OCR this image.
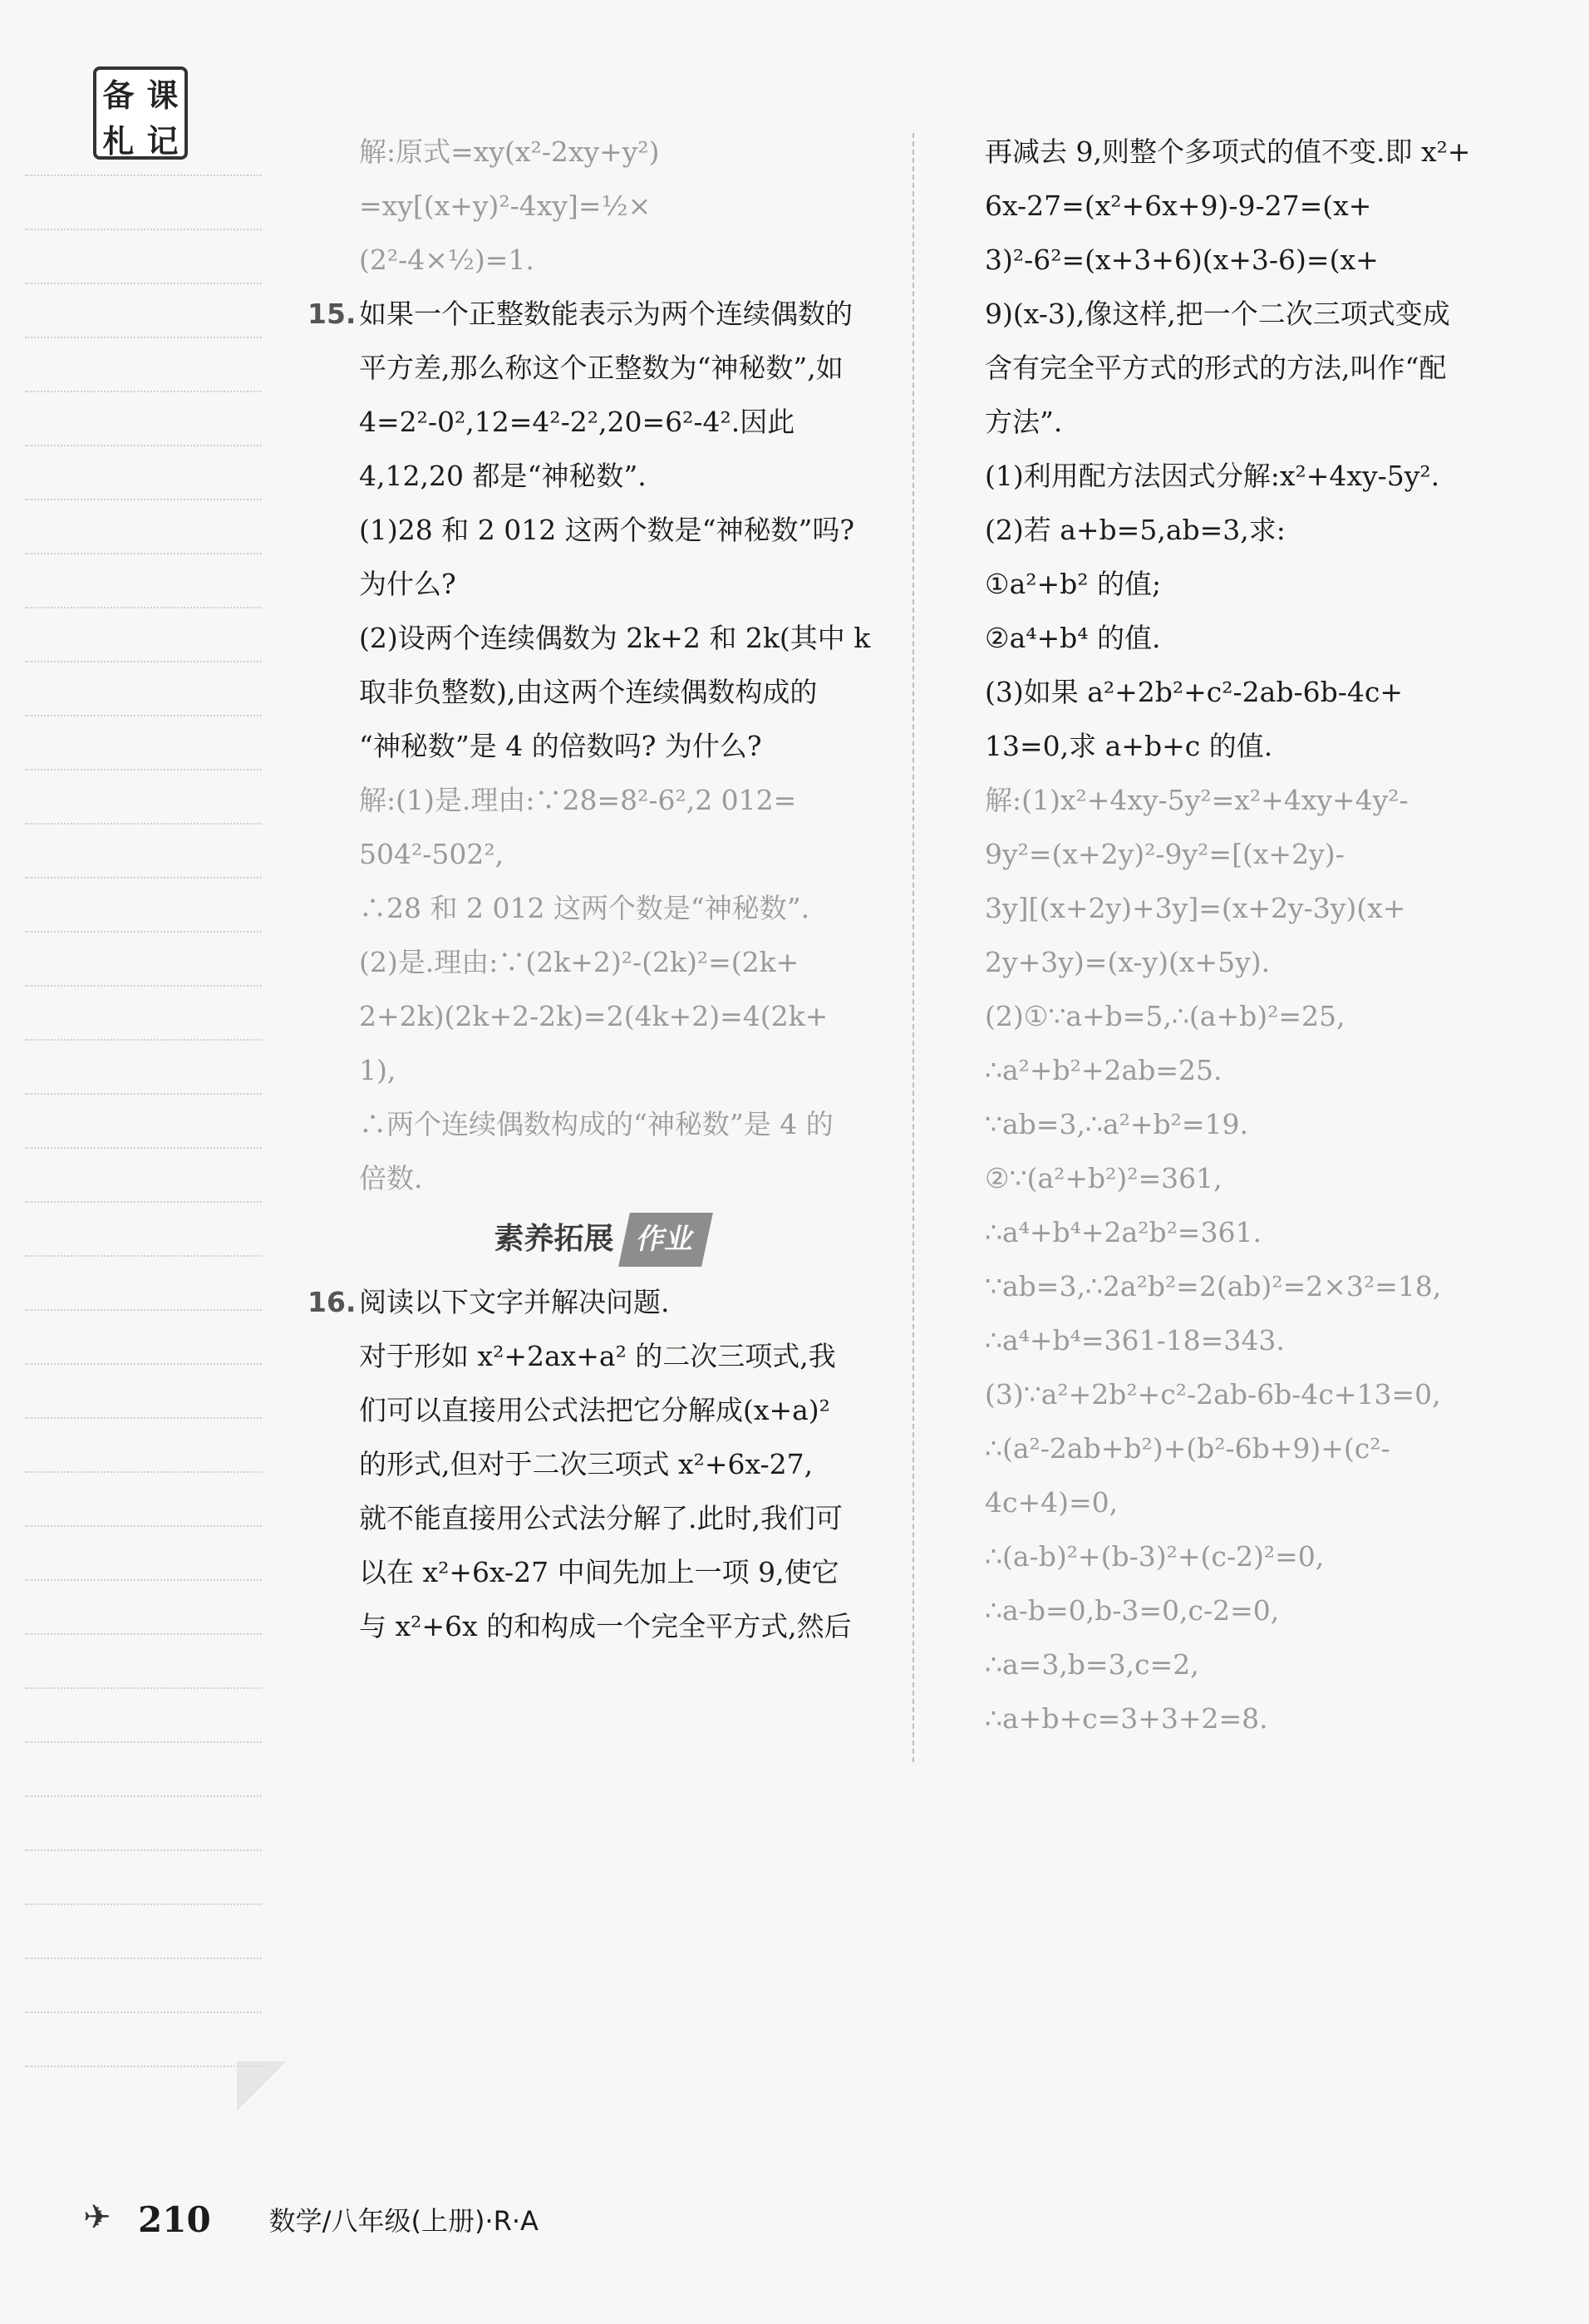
备 课
札 记	解:原式=xy(x²-2xy+y²)
=xy[(x+y)²-4xy]=½×
(2²-4×½)=1.
15. 如果一个正整数能表示为两个连续偶数的
平方差,那么称这个正整数为“神秘数”,如
4=2²-0²,12=4²-2²,20=6²-4².因此
4,12,20 都是“神秘数”.
(1)28 和 2 012 这两个数是“神秘数”吗?
为什么?
(2)设两个连续偶数为 2k+2 和 2k(其中 k
取非负整数),由这两个连续偶数构成的
“神秘数”是 4 的倍数吗? 为什么?
解:(1)是.理由:∵28=8²-6²,2 012=
504²-502²,
∴28 和 2 012 这两个数是“神秘数”.
(2)是.理由:∵(2k+2)²-(2k)²=(2k+
2+2k)(2k+2-2k)=2(4k+2)=4(2k+
1),
∴两个连续偶数构成的“神秘数”是 4 的
倍数.
素养拓展 作业
16. 阅读以下文字并解决问题.
对于形如 x²+2ax+a² 的二次三项式,我
们可以直接用公式法把它分解成(x+a)²
的形式,但对于二次三项式 x²+6x-27,
就不能直接用公式法分解了.此时,我们可
以在 x²+6x-27 中间先加上一项 9,使它
与 x²+6x 的和构成一个完全平方式,然后
再减去 9,则整个多项式的值不变.即 x²+
6x-27=(x²+6x+9)-9-27=(x+
3)²-6²=(x+3+6)(x+3-6)=(x+
9)(x-3),像这样,把一个二次三项式变成
含有完全平方式的形式的方法,叫作“配
方法”.
(1)利用配方法因式分解:x²+4xy-5y².
(2)若 a+b=5,ab=3,求:
①a²+b² 的值;
②a⁴+b⁴ 的值.
(3)如果 a²+2b²+c²-2ab-6b-4c+
13=0,求 a+b+c 的值.
解:(1)x²+4xy-5y²=x²+4xy+4y²-
9y²=(x+2y)²-9y²=[(x+2y)-
3y][(x+2y)+3y]=(x+2y-3y)(x+
2y+3y)=(x-y)(x+5y).
(2)①∵a+b=5,∴(a+b)²=25,
∴a²+b²+2ab=25.
∵ab=3,∴a²+b²=19.
②∵(a²+b²)²=361,
∴a⁴+b⁴+2a²b²=361.
∵ab=3,∴2a²b²=2(ab)²=2×3²=18,
∴a⁴+b⁴=361-18=343.
(3)∵a²+2b²+c²-2ab-6b-4c+13=0,
∴(a²-2ab+b²)+(b²-6b+9)+(c²-
4c+4)=0,
∴(a-b)²+(b-3)²+(c-2)²=0,
∴a-b=0,b-3=0,c-2=0,
∴a=3,b=3,c=2,
∴a+b+c=3+3+2=8.
✈ 210 数学/八年级(上册)·R·A
